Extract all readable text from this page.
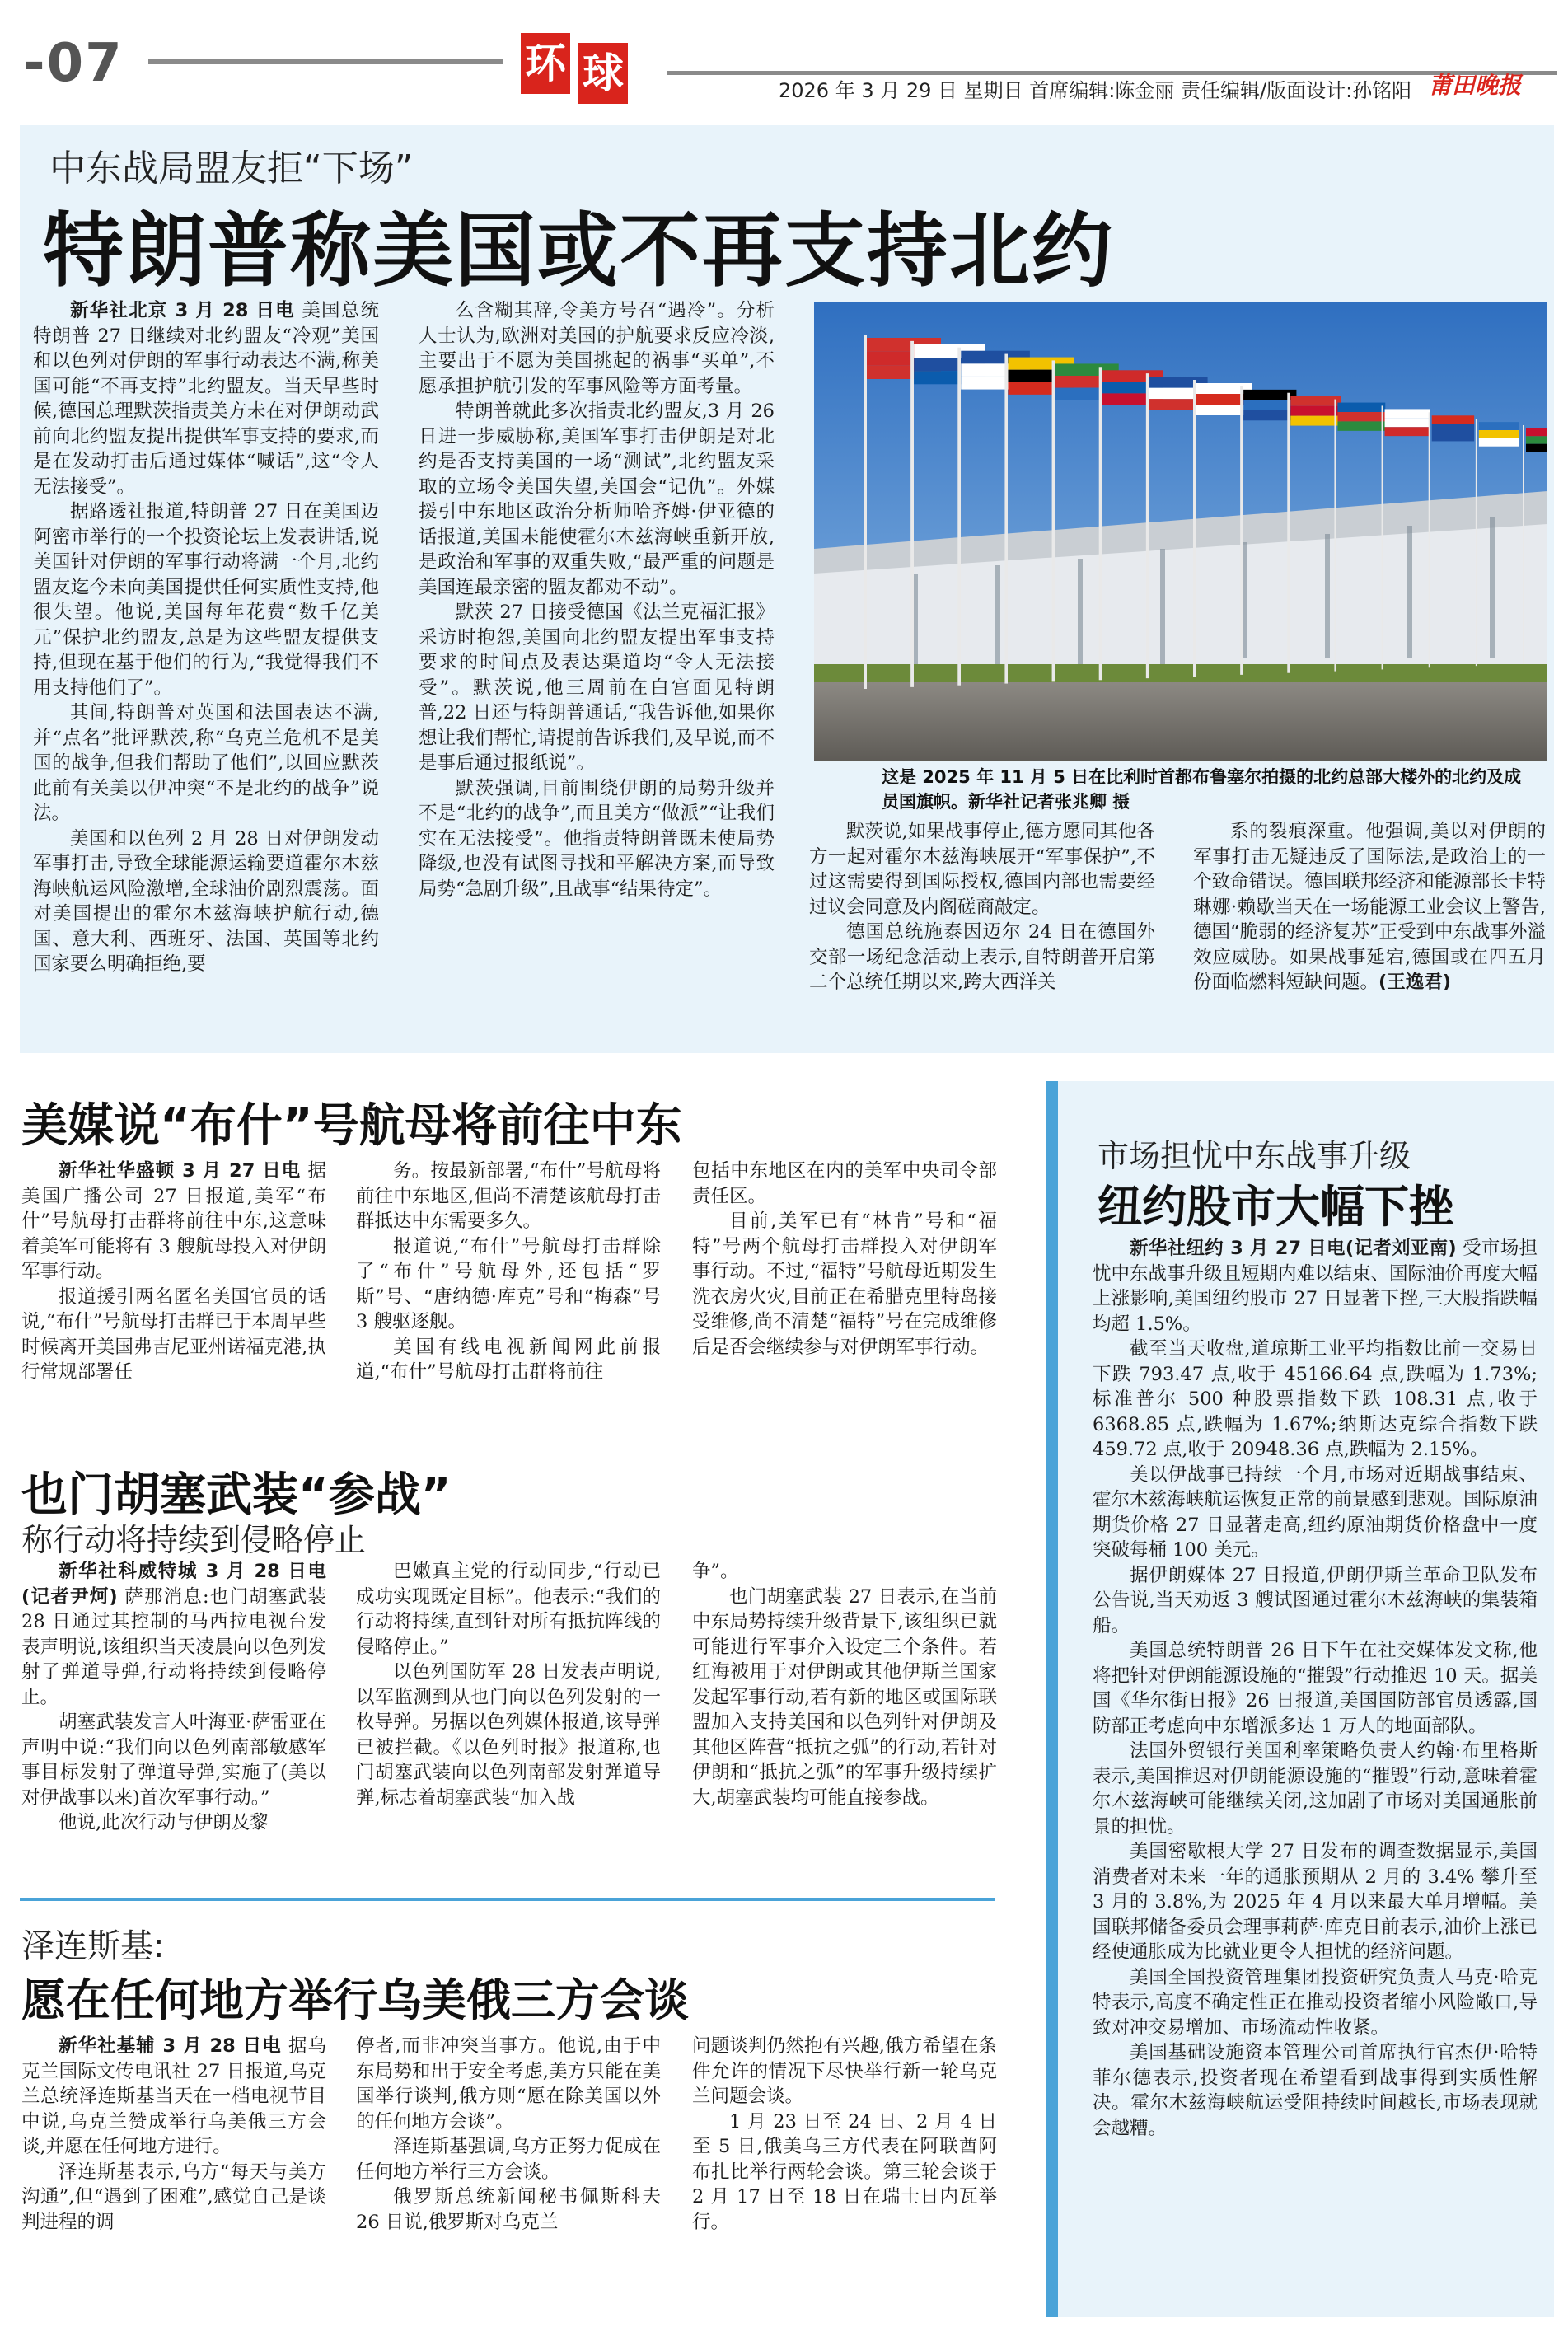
-07	环 球	2026 年 3 月 29 日 星期日 首席编辑:陈金丽 责任编辑/版面设计:孙铭阳 莆田晚报
中东战局盟友拒“下场”
特朗普称美国或不再支持北约

新华社北京 3 月 28 日电 美国总统特朗普 27 日继续对北约盟友“冷观”美国和以色列对伊朗的军事行动表达不满,称美国可能“不再支持”北约盟友。当天早些时候,德国总理默茨指责美方未在对伊朗动武前向北约盟友提出提供军事支持的要求,而是在发动打击后通过媒体“喊话”,这“令人无法接受”。

据路透社报道,特朗普 27 日在美国迈阿密市举行的一个投资论坛上发表讲话,说美国针对伊朗的军事行动将满一个月,北约盟友迄今未向美国提供任何实质性支持,他很失望。他说,美国每年花费“数千亿美元”保护北约盟友,总是为这些盟友提供支持,但现在基于他们的行为,“我觉得我们不用支持他们了”。

其间,特朗普对英国和法国表达不满,并“点名”批评默茨,称“乌克兰危机不是美国的战争,但我们帮助了他们”,以回应默茨此前有关美以伊冲突“不是北约的战争”说法。

美国和以色列 2 月 28 日对伊朗发动军事打击,导致全球能源运输要道霍尔木兹海峡航运风险激增,全球油价剧烈震荡。面对美国提出的霍尔木兹海峡护航行动,德国、意大利、西班牙、法国、英国等北约国家要么明确拒绝,要

么含糊其辞,令美方号召“遇冷”。分析人士认为,欧洲对美国的护航要求反应冷淡,主要出于不愿为美国挑起的祸事“买单”,不愿承担护航引发的军事风险等方面考量。

特朗普就此多次指责北约盟友,3 月 26 日进一步威胁称,美国军事打击伊朗是对北约是否支持美国的一场“测试”,北约盟友采取的立场令美国失望,美国会“记仇”。外媒援引中东地区政治分析师哈齐姆·伊亚德的话报道,美国未能使霍尔木兹海峡重新开放,是政治和军事的双重失败,“最严重的问题是美国连最亲密的盟友都劝不动”。

默茨 27 日接受德国《法兰克福汇报》采访时抱怨,美国向北约盟友提出军事支持要求的时间点及表达渠道均“令人无法接受”。默茨说,他三周前在白宫面见特朗普,22 日还与特朗普通话,“我告诉他,如果你想让我们帮忙,请提前告诉我们,及早说,而不是事后通过报纸说”。

默茨强调,目前围绕伊朗的局势升级并不是“北约的战争”,而且美方“做派”“让我们实在无法接受”。他指责特朗普既未使局势降级,也没有试图寻找和平解决方案,而导致局势“急剧升级”,且战事“结果待定”。

这是 2025 年 11 月 5 日在比利时首都布鲁塞尔拍摄的北约总部大楼外的北约及成员国旗帜。新华社记者张兆卿 摄

默茨说,如果战事停止,德方愿同其他各方一起对霍尔木兹海峡展开“军事保护”,不过这需要得到国际授权,德国内部也需要经过议会同意及内阁磋商敲定。

德国总统施泰因迈尔 24 日在德国外交部一场纪念活动上表示,自特朗普开启第二个总统任期以来,跨大西洋关

系的裂痕深重。他强调,美以对伊朗的军事打击无疑违反了国际法,是政治上的一个致命错误。德国联邦经济和能源部长卡特琳娜·赖歇当天在一场能源工业会议上警告,德国“脆弱的经济复苏”正受到中东战事外溢效应威胁。如果战事延宕,德国或在四五月份面临燃料短缺问题。(王逸君)

美媒说“布什”号航母将前往中东

新华社华盛顿 3 月 27 日电 据美国广播公司 27 日报道,美军“布什”号航母打击群将前往中东,这意味着美军可能将有 3 艘航母投入对伊朗军事行动。

报道援引两名匿名美国官员的话说,“布什”号航母打击群已于本周早些时候离开美国弗吉尼亚州诺福克港,执行常规部署任

务。按最新部署,“布什”号航母将前往中东地区,但尚不清楚该航母打击群抵达中东需要多久。

报道说,“布什”号航母打击群除了“布什”号航母外,还包括“罗斯”号、“唐纳德·库克”号和“梅森”号 3 艘驱逐舰。

美国有线电视新闻网此前报道,“布什”号航母打击群将前往

包括中东地区在内的美军中央司令部责任区。

目前,美军已有“林肯”号和“福特”号两个航母打击群投入对伊朗军事行动。不过,“福特”号航母近期发生洗衣房火灾,目前正在希腊克里特岛接受维修,尚不清楚“福特”号在完成维修后是否会继续参与对伊朗军事行动。

也门胡塞武装“参战”
称行动将持续到侵略停止

新华社科威特城 3 月 28 日电(记者尹炣) 萨那消息:也门胡塞武装 28 日通过其控制的马西拉电视台发表声明说,该组织当天凌晨向以色列发射了弹道导弹,行动将持续到侵略停止。

胡塞武装发言人叶海亚·萨雷亚在声明中说:“我们向以色列南部敏感军事目标发射了弹道导弹,实施了(美以对伊战事以来)首次军事行动。”

他说,此次行动与伊朗及黎

巴嫩真主党的行动同步,“行动已成功实现既定目标”。他表示:“我们的行动将持续,直到针对所有抵抗阵线的侵略停止。”

以色列国防军 28 日发表声明说,以军监测到从也门向以色列发射的一枚导弹。另据以色列媒体报道,该导弹已被拦截。《以色列时报》报道称,也门胡塞武装向以色列南部发射弹道导弹,标志着胡塞武装“加入战

争”。

也门胡塞武装 27 日表示,在当前中东局势持续升级背景下,该组织已就可能进行军事介入设定三个条件。若红海被用于对伊朗或其他伊斯兰国家发起军事行动,若有新的地区或国际联盟加入支持美国和以色列针对伊朗及其他区阵营“抵抗之弧”的行动,若针对伊朗和“抵抗之弧”的军事升级持续扩大,胡塞武装均可能直接参战。

泽连斯基:
愿在任何地方举行乌美俄三方会谈

新华社基辅 3 月 28 日电 据乌克兰国际文传电讯社 27 日报道,乌克兰总统泽连斯基当天在一档电视节目中说,乌克兰赞成举行乌美俄三方会谈,并愿在任何地方进行。

泽连斯基表示,乌方“每天与美方沟通”,但“遇到了困难”,感觉自己是谈判进程的调

停者,而非冲突当事方。他说,由于中东局势和出于安全考虑,美方只能在美国举行谈判,俄方则“愿在除美国以外的任何地方会谈”。

泽连斯基强调,乌方正努力促成在任何地方举行三方会谈。

俄罗斯总统新闻秘书佩斯科夫 26 日说,俄罗斯对乌克兰

问题谈判仍然抱有兴趣,俄方希望在条件允许的情况下尽快举行新一轮乌克兰问题会谈。

1 月 23 日至 24 日、2 月 4 日至 5 日,俄美乌三方代表在阿联酋阿布扎比举行两轮会谈。第三轮会谈于 2 月 17 日至 18 日在瑞士日内瓦举行。

市场担忧中东战事升级
纽约股市大幅下挫

新华社纽约 3 月 27 日电(记者刘亚南) 受市场担忧中东战事升级且短期内难以结束、国际油价再度大幅上涨影响,美国纽约股市 27 日显著下挫,三大股指跌幅均超 1.5%。

截至当天收盘,道琼斯工业平均指数比前一交易日下跌 793.47 点,收于 45166.64 点,跌幅为 1.73%;标准普尔 500 种股票指数下跌 108.31 点,收于 6368.85 点,跌幅为 1.67%;纳斯达克综合指数下跌 459.72 点,收于 20948.36 点,跌幅为 2.15%。

美以伊战事已持续一个月,市场对近期战事结束、霍尔木兹海峡航运恢复正常的前景感到悲观。国际原油期货价格 27 日显著走高,纽约原油期货价格盘中一度突破每桶 100 美元。

据伊朗媒体 27 日报道,伊朗伊斯兰革命卫队发布公告说,当天劝返 3 艘试图通过霍尔木兹海峡的集装箱船。

美国总统特朗普 26 日下午在社交媒体发文称,他将把针对伊朗能源设施的“摧毁”行动推迟 10 天。据美国《华尔街日报》26 日报道,美国国防部官员透露,国防部正考虑向中东增派多达 1 万人的地面部队。

法国外贸银行美国利率策略负责人约翰·布里格斯表示,美国推迟对伊朗能源设施的“摧毁”行动,意味着霍尔木兹海峡可能继续关闭,这加剧了市场对美国通胀前景的担忧。

美国密歇根大学 27 日发布的调查数据显示,美国消费者对未来一年的通胀预期从 2 月的 3.4% 攀升至 3 月的 3.8%,为 2025 年 4 月以来最大单月增幅。美国联邦储备委员会理事莉萨·库克日前表示,油价上涨已经使通胀成为比就业更令人担忧的经济问题。

美国全国投资管理集团投资研究负责人马克·哈克特表示,高度不确定性正在推动投资者缩小风险敞口,导致对冲交易增加、市场流动性收紧。

美国基础设施资本管理公司首席执行官杰伊·哈特菲尔德表示,投资者现在希望看到战事得到实质性解决。霍尔木兹海峡航运受阻持续时间越长,市场表现就会越糟。
